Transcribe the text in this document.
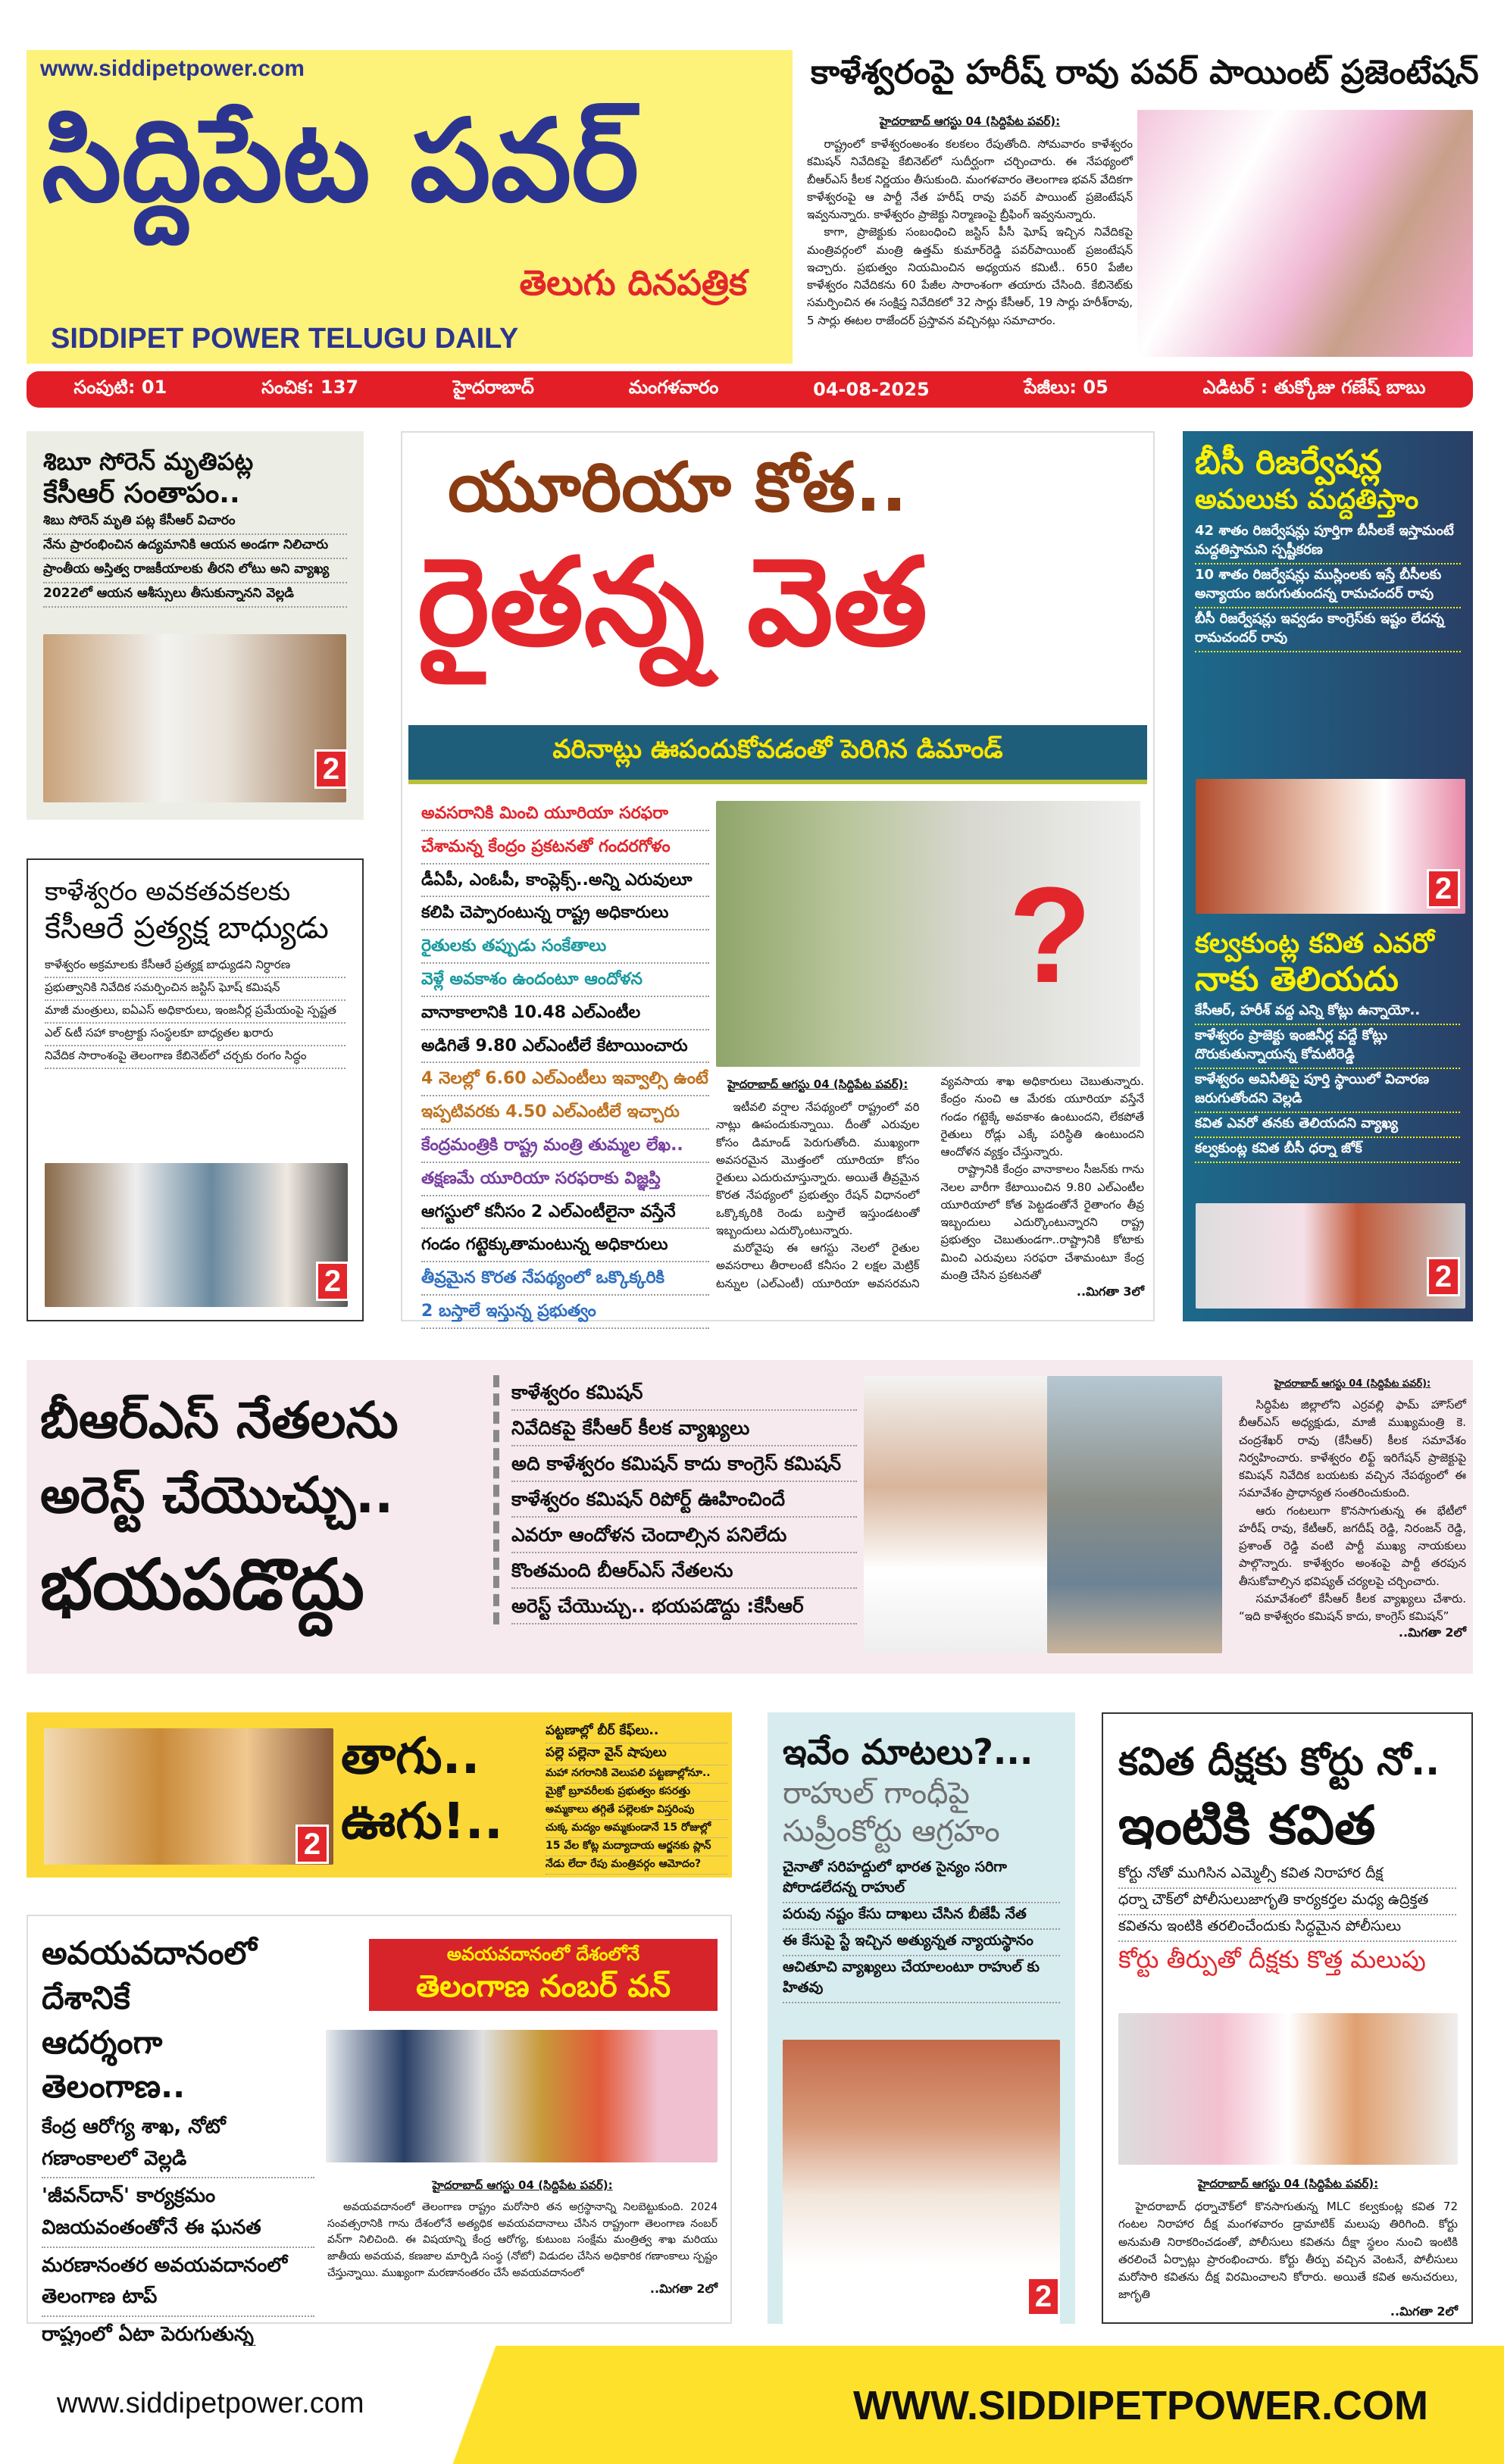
www.siddipetpower.com
సిద్దిపేట పవర్
తెలుగు దినపత్రిక
SIDDIPET POWER TELUGU DAILY
కాళేశ్వరంపై హరీష్ రావు పవర్ పాయింట్ ప్రజెంటేషన్
హైదరాబాద్ ఆగస్టు 04 (సిద్దిపేట పవర్):
రాష్ట్రంలో కాళేశ్వరంఅంశం కలకలం రేపుతోంది. సోమవారం కాళేశ్వరం కమిషన్ నివేదికపై కేబినెట్‌లో సుదీర్ఘంగా చర్చించారు. ఈ నేపథ్యంలో బీఆర్ఎస్ కీలక నిర్ణయం తీసుకుంది. మంగళవారం తెలంగాణ భవన్ వేదికగా కాళేశ్వరంపై ఆ పార్టీ నేత హరీష్ రావు పవర్ పాయింట్ ప్రజెంటేషన్ ఇవ్వనున్నారు. కాళేశ్వరం ప్రాజెక్టు నిర్మాణంపై బ్రీఫింగ్ ఇవ్వనున్నారు.
కాగా, ప్రాజెక్టుకు సంబంధించి జస్టిస్ పీసీ ఘోష్ ఇచ్చిన నివేదికపై మంత్రివర్గంలో మంత్రి ఉత్తమ్ కుమార్‌రెడ్డి పవర్‌పాయింట్ ప్రజంటేషన్ ఇచ్చారు. ప్రభుత్వం నియమించిన అధ్యయన కమిటీ.. 650 పేజీల కాళేశ్వరం నివేదికను 60 పేజీల సారాంశంగా తయారు చేసింది. కేబినెట్‌కు సమర్పించిన ఈ సంక్షిప్త నివేదికలో 32 సార్లు కేసీఆర్, 19 సార్లు హరీశ్‌రావు, 5 సార్లు ఈటల రాజేందర్ ప్రస్తావన వచ్చినట్లు సమాచారం.
సంపుటి: 01	సంచిక: 137	హైదరాబాద్	మంగళవారం	04-08-2025	పేజీలు: 05	ఎడిటర్ : తుక్కోజు గణేష్ బాబు
శిబూ సోరెన్ మృతిపట్ల
కేసీఆర్ సంతాపం..
శిబు సోరెన్ మృతి పట్ల కేసీఆర్ విచారం
నేను ప్రారంభించిన ఉద్యమానికి ఆయన అండగా నిలిచారు
ప్రాంతీయ అస్తిత్వ రాజకీయాలకు తీరని లోటు అని వ్యాఖ్య
2022లో ఆయన ఆశీస్సులు తీసుకున్నానని వెల్లడి
2
కాళేశ్వరం అవకతవకలకు
కేసీఆరే ప్రత్యక్ష బాధ్యుడు
కాళేశ్వరం అక్రమాలకు కేసీఆరే ప్రత్యక్ష బాధ్యుడని నిర్ధారణ
ప్రభుత్వానికి నివేదిక సమర్పించిన జస్టిస్ ఘోష్ కమిషన్
మాజీ మంత్రులు, ఐఏఎస్ అధికారులు, ఇంజనీర్ల ప్రమేయంపై స్పష్టత
ఎల్ &టీ సహా కాంట్రాక్టు సంస్థలకూ బాధ్యతల ఖరారు
నివేదిక సారాంశంపై తెలంగాణ కేబినెట్‌లో చర్చకు రంగం సిద్ధం
2
యూరియా కోత..
రైతన్న వెత
వరినాట్లు ఊపందుకోవడంతో పెరిగిన డిమాండ్
అవసరానికి మించి యూరియా సరఫరా
చేశామన్న కేంద్రం ప్రకటనతో గందరగోళం
డీఏపీ, ఎంఓపీ, కాంప్లెక్స్..అన్ని ఎరువులూ
కలిపి చెప్పారంటున్న రాష్ట్ర అధికారులు
రైతులకు తప్పుడు సంకేతాలు
వెళ్లే అవకాశం ఉందంటూ ఆందోళన
వానాకాలానికి 10.48 ఎల్ఎంటీల
అడిగితే 9.80 ఎల్ఎంటీలే కేటాయించారు
4 నెలల్లో 6.60 ఎల్ఎంటీలు ఇవ్వాల్సి ఉంటే
ఇప్పటివరకు 4.50 ఎల్ఎంటీలే ఇచ్చారు
కేంద్రమంత్రికి రాష్ట్ర మంత్రి తుమ్మల లేఖ..
తక్షణమే యూరియా సరఫరాకు విజ్ఞప్తి
ఆగస్టులో కనీసం 2 ఎల్ఎంటీలైనా వస్తేనే
గండం గట్టెక్కుతామంటున్న అధికారులు
తీవ్రమైన కొరత నేపథ్యంలో ఒక్కొక్కరికి
2 బస్తాలే ఇస్తున్న ప్రభుత్వం
?
హైదరాబాద్ ఆగస్టు 04 (సిద్దిపేట పవర్):
ఇటీవలి వర్షాల నేపథ్యంలో రాష్ట్రంలో వరి నాట్లు ఊపందుకున్నాయి. దీంతో ఎరువుల కోసం డిమాండ్ పెరుగుతోంది. ముఖ్యంగా అవసరమైన మొత్తంలో యూరియా కోసం రైతులు ఎదురుచూస్తున్నారు. అయితే తీవ్రమైన కొరత నేపథ్యంలో ప్రభుత్వం రేషన్ విధానంలో ఒక్కొక్కరికి రెండు బస్తాలే ఇస్తుండటంతో ఇబ్బందులు ఎదుర్కొంటున్నారు.
మరోవైపు ఈ ఆగస్టు నెలలో రైతుల అవసరాలు తీరాలంటే కనీసం 2 లక్షల మెట్రిక్ టన్నుల (ఎల్ఎంటీ) యూరియా అవసరమని వ్యవసాయ శాఖ అధికారులు చెబుతున్నారు. కేంద్రం నుంచి ఆ మేరకు యూరియా వస్తేనే గండం గట్టెక్కే అవకాశం ఉంటుందని, లేకపోతే రైతులు రోడ్లు ఎక్కే పరిస్థితి ఉంటుందని ఆందోళన వ్యక్తం చేస్తున్నారు.
రాష్ట్రానికి కేంద్రం వానాకాలం సీజన్‌కు గాను నెలల వారీగా కేటాయించిన 9.80 ఎల్ఎంటీల యూరియాలో కోత పెట్టడంతోనే రైతాంగం తీవ్ర ఇబ్బందులు ఎదుర్కొంటున్నారని రాష్ట్ర ప్రభుత్వం చెబుతుండగా..రాష్ట్రానికి కోటాకు మించి ఎరువులు సరఫరా చేశామంటూ కేంద్ర మంత్రి చేసిన ప్రకటనతో
..మిగతా 3లో
బీసీ రిజర్వేషన్ల
అమలుకు మద్దతిస్తాం
42 శాతం రిజర్వేషన్లు పూర్తిగా బీసీలకే ఇస్తామంటే మద్దతిస్తామని స్పష్టీకరణ
10 శాతం రిజర్వేషన్లు ముస్లింలకు ఇస్తే బీసీలకు అన్యాయం జరుగుతుందన్న రామచందర్ రావు
బీసీ రిజర్వేషన్లు ఇవ్వడం కాంగ్రెస్‌కు ఇష్టం లేదన్న రామచందర్ రావు
2
కల్వకుంట్ల కవిత ఎవరో
నాకు తెలియదు
కేసీఆర్, హరీశ్ వద్ద ఎన్ని కోట్లు ఉన్నాయో..
కాళేశ్వరం ప్రాజెక్టు ఇంజినీర్ల వద్దే కోట్లు దొరుకుతున్నాయన్న కోమటిరెడ్డి
కాళేశ్వరం అవినీతిపై పూర్తి స్థాయిలో విచారణ జరుగుతోందని వెల్లడి
కవిత ఎవరో తనకు తెలియదని వ్యాఖ్య
కల్వకుంట్ల కవిత బీసీ ధర్నా జోక్
2
బీఆర్ఎస్ నేతలను
అరెస్ట్ చేయొచ్చు..
భయపడొద్దు
కాళేశ్వరం కమిషన్
నివేదికపై కేసీఆర్ కీలక వ్యాఖ్యలు
అది కాళేశ్వరం కమిషన్ కాదు కాంగ్రెస్ కమిషన్
కాళేశ్వరం కమిషన్ రిపోర్ట్ ఊహించిందే
ఎవరూ ఆందోళన చెందాల్సిన పనిలేదు
కొంతమంది బీఆర్ఎస్ నేతలను
అరెస్ట్ చేయొచ్చు.. భయపడొద్దు :కేసీఆర్
హైదరాబాద్ ఆగస్టు 04 (సిద్దిపేట పవర్):
సిద్ధిపేట జిల్లాలోని ఎర్రవల్లి ఫామ్ హౌస్‌లో బీఆర్ఎస్ అధ్యక్షుడు, మాజీ ముఖ్యమంత్రి కె. చంద్రశేఖర్ రావు (కేసీఆర్) కీలక సమావేశం నిర్వహించారు. కాళేశ్వరం లిఫ్ట్ ఇరిగేషన్ ప్రాజెక్టుపై కమిషన్ నివేదిక బయటకు వచ్చిన నేపథ్యంలో ఈ సమావేశం ప్రాధాన్యత సంతరించుకుంది.
ఆరు గంటలుగా కొనసాగుతున్న ఈ భేటీలో హరీష్ రావు, కేటీఆర్, జగదీష్ రెడ్డి, నిరంజన్ రెడ్డి, ప్రశాంత్ రెడ్డి వంటి పార్టీ ముఖ్య నాయకులు పాల్గొన్నారు. కాళేశ్వరం అంశంపై పార్టీ తరపున తీసుకోవాల్సిన భవిష్యత్ చర్యలపై చర్చించారు.
సమావేశంలో కేసీఆర్ కీలక వ్యాఖ్యలు చేశారు. “ఇది కాళేశ్వరం కమిషన్ కాదు, కాంగ్రెస్ కమిషన్”
..మిగతా 2లో
2
తాగు..
ఊగు!..
పట్టణాల్లో బీర్ కేఫ్‌లు..
పల్లె పల్లెనా వైన్ షాపులు
మహా నగరానికి వెలుపలి పట్టణాల్లోనూ..
మైక్రో బ్రూవరీలకు ప్రభుత్వం కసరత్తు
అమ్మకాలు తగ్గితే పల్లెలకూ విస్తరింపు
చుక్క మద్యం అమ్మకుండానే 15 రోజుల్లో
15 వేల కోట్ల మద్యాదాయ ఆర్జనకు ప్లాన్
నేడు లేదా రేపు మంత్రివర్గం ఆమోదం?
ఇవేం మాటలు?...
రాహుల్ గాంధీపై
సుప్రీంకోర్టు ఆగ్రహం
చైనాతో సరిహద్దులో భారత సైన్యం సరిగా పోరాడలేదన్న రాహుల్
పరువు నష్టం కేసు దాఖలు చేసిన బీజేపీ నేత
ఈ కేసుపై స్టే ఇచ్చిన అత్యున్నత న్యాయస్థానం
ఆచితూచి వ్యాఖ్యలు చేయాలంటూ రాహుల్ కు హితవు
2
కవిత దీక్షకు కోర్టు నో..
ఇంటికి కవిత
కోర్టు నోతో ముగిసిన ఎమ్మెల్సీ కవిత నిరాహార దీక్ష
ధర్నా చౌక్‌లో పోలీసులుజాగృతి కార్యకర్తల మధ్య ఉద్రిక్తత
కవితను ఇంటికి తరలించేందుకు సిద్ధమైన పోలీసులు
కోర్టు తీర్పుతో దీక్షకు కొత్త మలుపు
హైదరాబాద్ ఆగస్టు 04 (సిద్దిపేట పవర్):
హైదరాబాద్ ధర్నాచౌక్‌లో కొనసాగుతున్న MLC కల్వకుంట్ల కవిత 72 గంటల నిరాహార దీక్ష మంగళవారం డ్రామాటిక్ మలుపు తిరిగింది. కోర్టు అనుమతి నిరాకరించడంతో, పోలీసులు కవితను దీక్షా స్థలం నుంచి ఇంటికి తరలించే ఏర్పాట్లు ప్రారంభించారు. కోర్టు తీర్పు వచ్చిన వెంటనే, పోలీసులు మరోసారి కవితను దీక్ష విరమించాలని కోరారు. అయితే కవిత అనుచరులు, జాగృతి
..మిగతా 2లో
అవయవదానంలో దేశానికే
ఆదర్శంగా తెలంగాణ..
కేంద్ర ఆరోగ్య శాఖ, నోటో గణాంకాలలో వెల్లడి
'జీవన్‌దాన్' కార్యక్రమం విజయవంతంతోనే ఈ ఘనత
మరణానంతర అవయవదానంలో తెలంగాణ టాప్
రాష్ట్రంలో ఏటా పెరుగుతున్న
అవయవదానంలో దేశంలోనే
తెలంగాణ నంబర్ వన్
హైదరాబాద్ ఆగస్టు 04 (సిద్దిపేట పవర్):
అవయవదానంలో తెలంగాణ రాష్ట్రం మరోసారి తన అగ్రస్థానాన్ని నిలబెట్టుకుంది. 2024 సంవత్సరానికి గాను దేశంలోనే అత్యధిక అవయవదానాలు చేసిన రాష్ట్రంగా తెలంగాణ నంబర్ వన్‌గా నిలిచింది. ఈ విషయాన్ని కేంద్ర ఆరోగ్య, కుటుంబ సంక్షేమ మంత్రిత్వ శాఖ మరియు జాతీయ అవయవ, కణజాల మార్పిడి సంస్థ (నోటో) విడుదల చేసిన అధికారిక గణాంకాలు స్పష్టం చేస్తున్నాయి. ముఖ్యంగా మరణానంతరం చేసే అవయవదానంలో
..మిగతా 2లో
www.siddipetpower.com	WWW.SIDDIPETPOWER.COM
